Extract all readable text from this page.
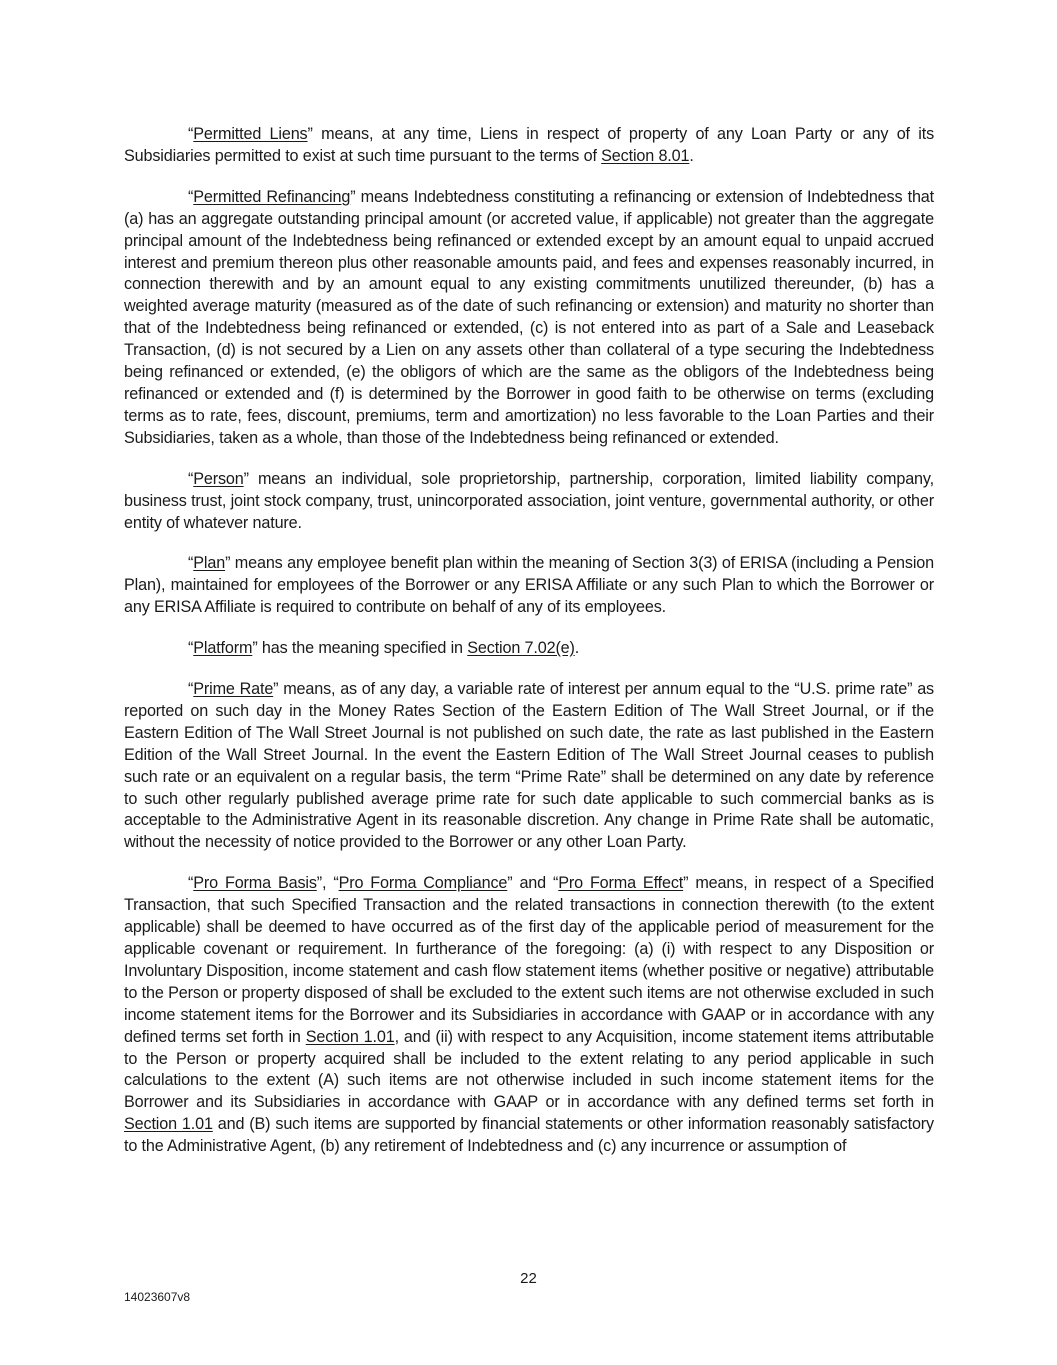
“Permitted Liens” means, at any time, Liens in respect of property of any Loan Party or any of its Subsidiaries permitted to exist at such time pursuant to the terms of Section 8.01.

“Permitted Refinancing” means Indebtedness constituting a refinancing or extension of Indebtedness that (a) has an aggregate outstanding principal amount (or accreted value, if applicable) not greater than the aggregate principal amount of the Indebtedness being refinanced or extended except by an amount equal to unpaid accrued interest and premium thereon plus other reasonable amounts paid, and fees and expenses reasonably incurred, in connection therewith and by an amount equal to any existing commitments unutilized thereunder, (b) has a weighted average maturity (measured as of the date of such refinancing or extension) and maturity no shorter than that of the Indebtedness being refinanced or extended, (c) is not entered into as part of a Sale and Leaseback Transaction, (d) is not secured by a Lien on any assets other than collateral of a type securing the Indebtedness being refinanced or extended, (e) the obligors of which are the same as the obligors of the Indebtedness being refinanced or extended and (f) is determined by the Borrower in good faith to be otherwise on terms (excluding terms as to rate, fees, discount, premiums, term and amortization) no less favorable to the Loan Parties and their Subsidiaries, taken as a whole, than those of the Indebtedness being refinanced or extended.

“Person” means an individual, sole proprietorship, partnership, corporation, limited liability company, business trust, joint stock company, trust, unincorporated association, joint venture, governmental authority, or other entity of whatever nature.

“Plan” means any employee benefit plan within the meaning of Section 3(3) of ERISA (including a Pension Plan), maintained for employees of the Borrower or any ERISA Affiliate or any such Plan to which the Borrower or any ERISA Affiliate is required to contribute on behalf of any of its employees.

“Platform” has the meaning specified in Section 7.02(e).

“Prime Rate” means, as of any day, a variable rate of interest per annum equal to the “U.S. prime rate” as reported on such day in the Money Rates Section of the Eastern Edition of The Wall Street Journal, or if the Eastern Edition of The Wall Street Journal is not published on such date, the rate as last published in the Eastern Edition of the Wall Street Journal. In the event the Eastern Edition of The Wall Street Journal ceases to publish such rate or an equivalent on a regular basis, the term “Prime Rate” shall be determined on any date by reference to such other regularly published average prime rate for such date applicable to such commercial banks as is acceptable to the Administrative Agent in its reasonable discretion. Any change in Prime Rate shall be automatic, without the necessity of notice provided to the Borrower or any other Loan Party.

“Pro Forma Basis”, “Pro Forma Compliance” and “Pro Forma Effect” means, in respect of a Specified Transaction, that such Specified Transaction and the related transactions in connection therewith (to the extent applicable) shall be deemed to have occurred as of the first day of the applicable period of measurement for the applicable covenant or requirement. In furtherance of the foregoing: (a) (i) with respect to any Disposition or Involuntary Disposition, income statement and cash flow statement items (whether positive or negative) attributable to the Person or property disposed of shall be excluded to the extent such items are not otherwise excluded in such income statement items for the Borrower and its Subsidiaries in accordance with GAAP or in accordance with any defined terms set forth in Section 1.01, and (ii) with respect to any Acquisition, income statement items attributable to the Person or property acquired shall be included to the extent relating to any period applicable in such calculations to the extent (A) such items are not otherwise included in such income statement items for the Borrower and its Subsidiaries in accordance with GAAP or in accordance with any defined terms set forth in Section 1.01 and (B) such items are supported by financial statements or other information reasonably satisfactory to the Administrative Agent, (b) any retirement of Indebtedness and (c) any incurrence or assumption of

22
14023607v8
